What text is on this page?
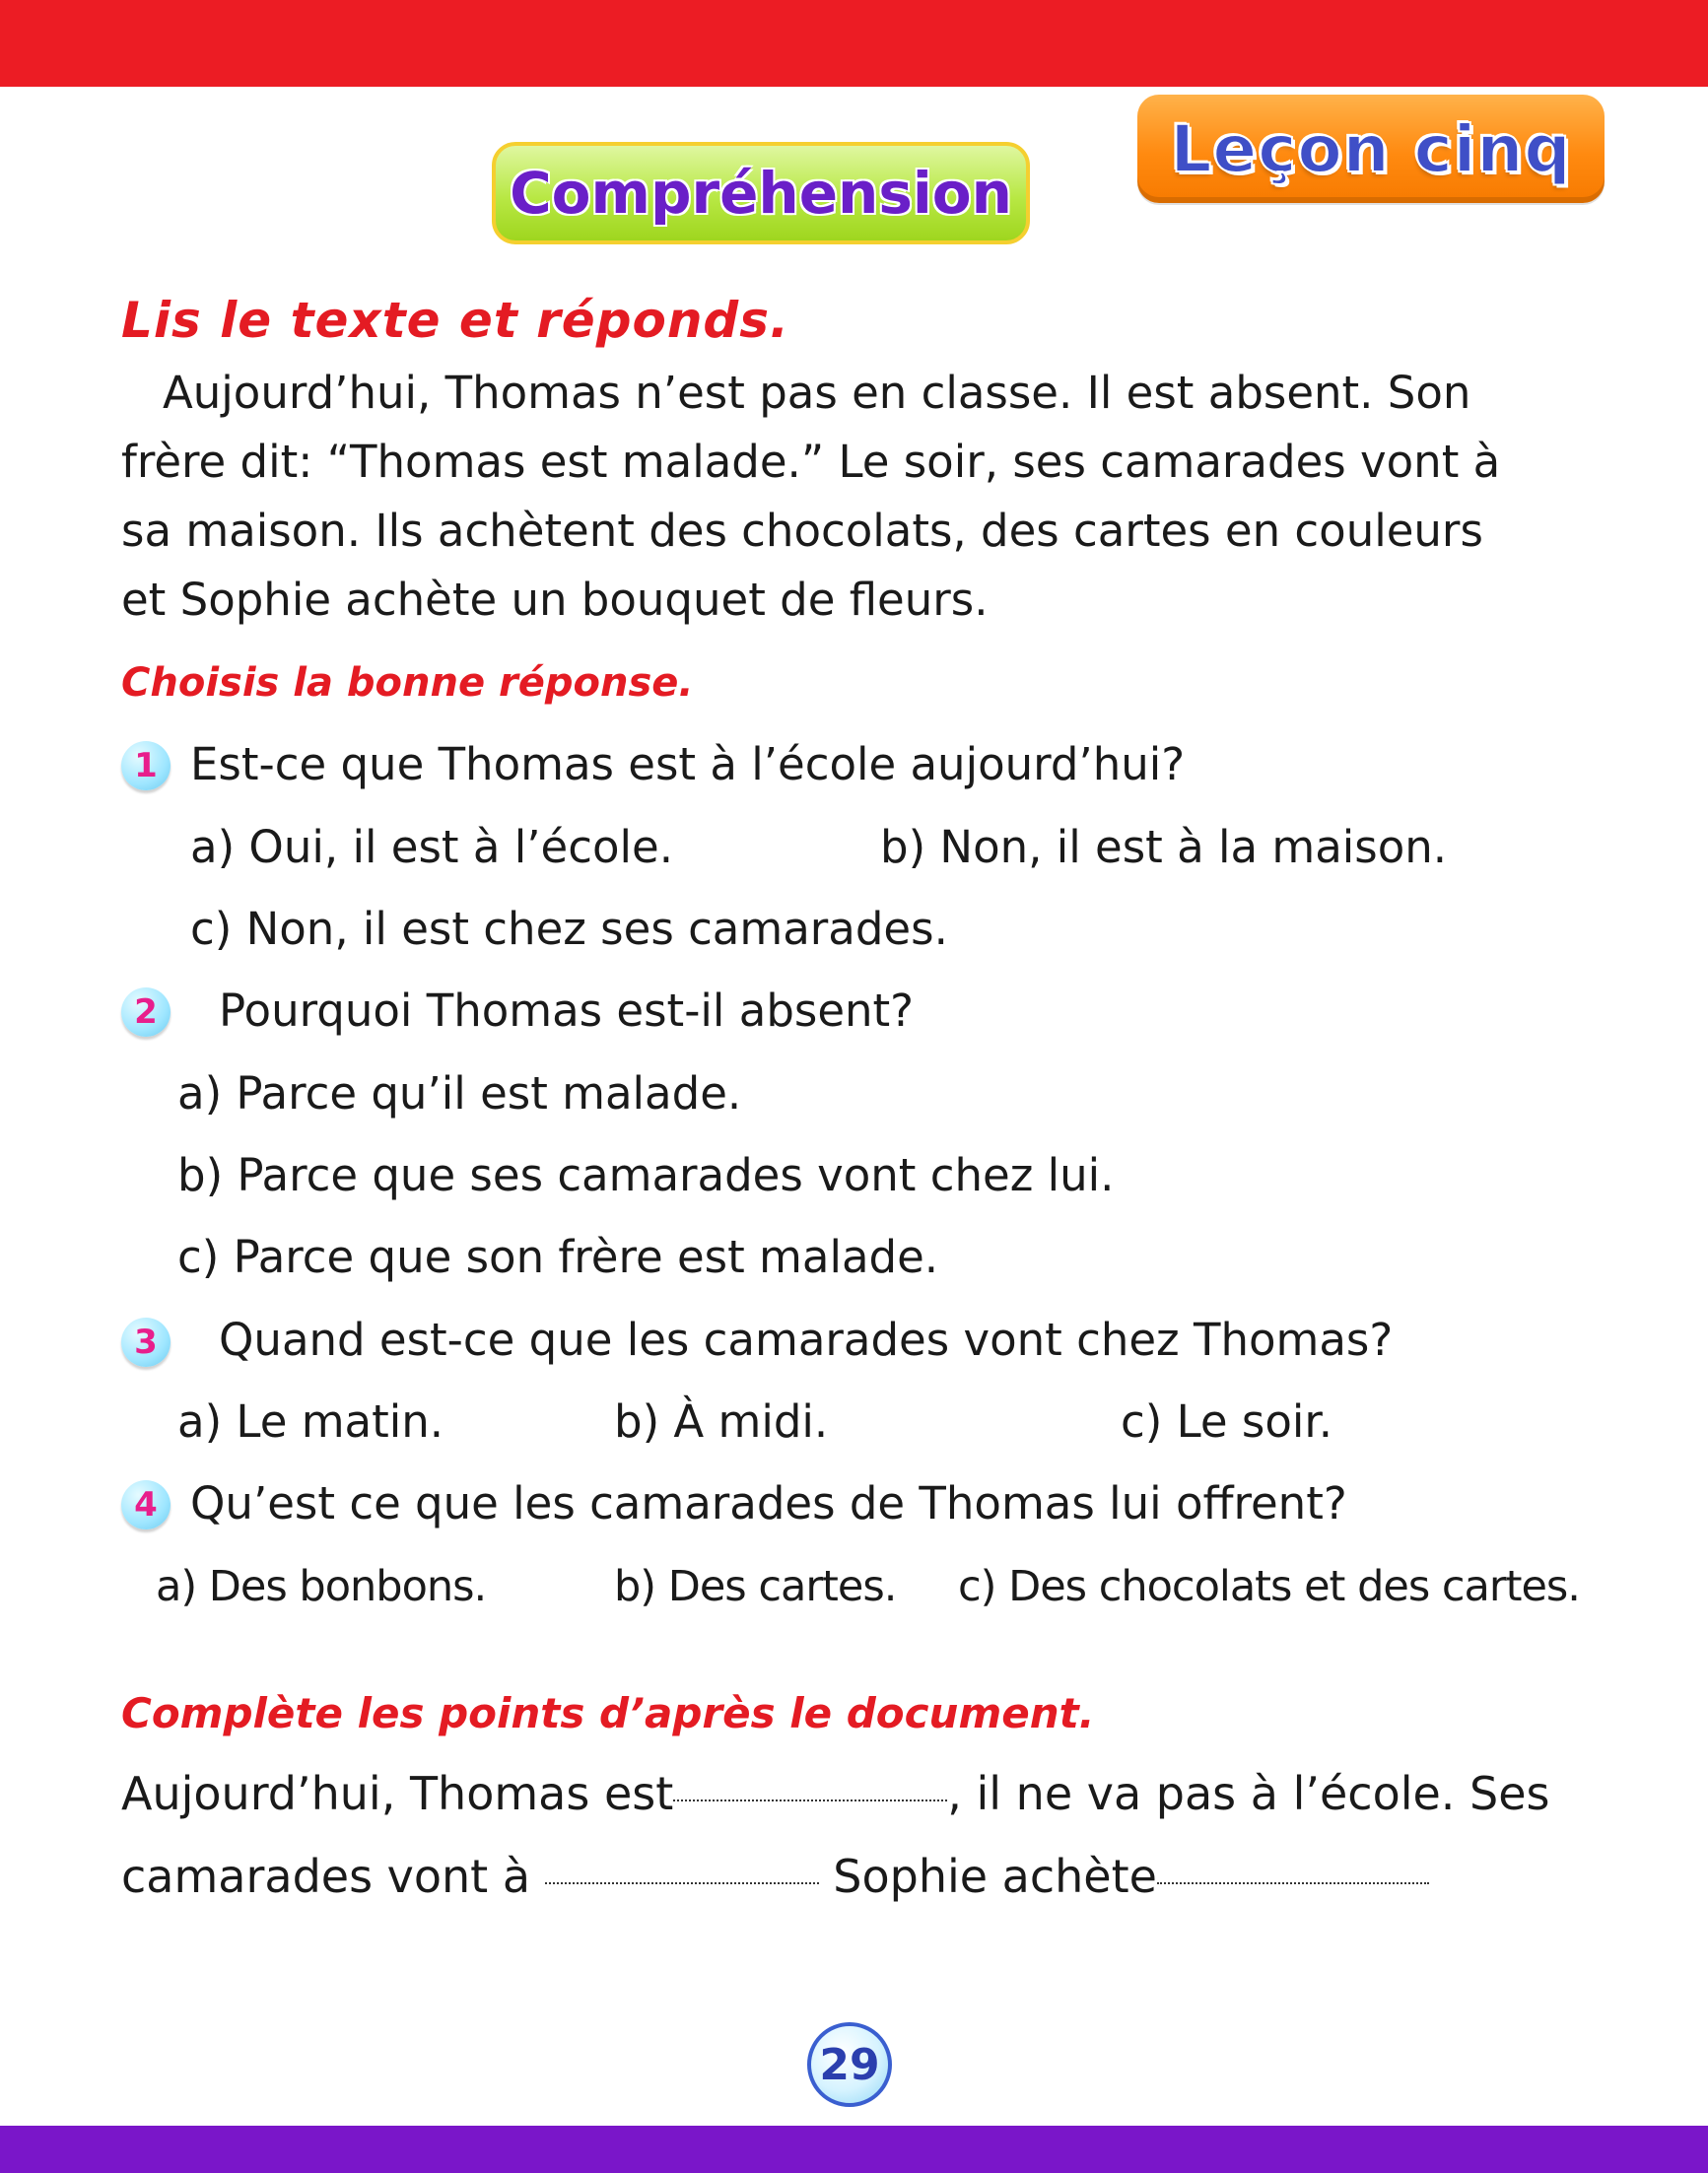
Leçon cinq
Compréhension
Lis le texte et réponds.
Aujourd’hui, Thomas n’est pas en classe. Il est absent. Son
frère dit: “Thomas est malade.” Le soir, ses camarades vont à
sa maison. Ils achètent des chocolats, des cartes en couleurs
et Sophie achète un bouquet de fleurs.
Choisis la bonne réponse.
1 Est-ce que Thomas est à l’école aujourd’hui?
a) Oui, il est à l’école.	b) Non, il est à la maison.
c) Non, il est chez ses camarades.
2 Pourquoi Thomas est-il absent?
a) Parce qu’il est malade.
b) Parce que ses camarades vont chez lui.
c) Parce que son frère est malade.
3 Quand est-ce que les camarades vont chez Thomas?
a) Le matin.	b) À midi.	c) Le soir.
4 Qu’est ce que les camarades de Thomas lui offrent?
a) Des bonbons.	b) Des cartes. c) Des chocolats et des cartes.
Complète les points d’après le document.
Aujourd’hui, Thomas est	, il ne va pas à l’école. Ses
camarades vont à	Sophie achète
29
